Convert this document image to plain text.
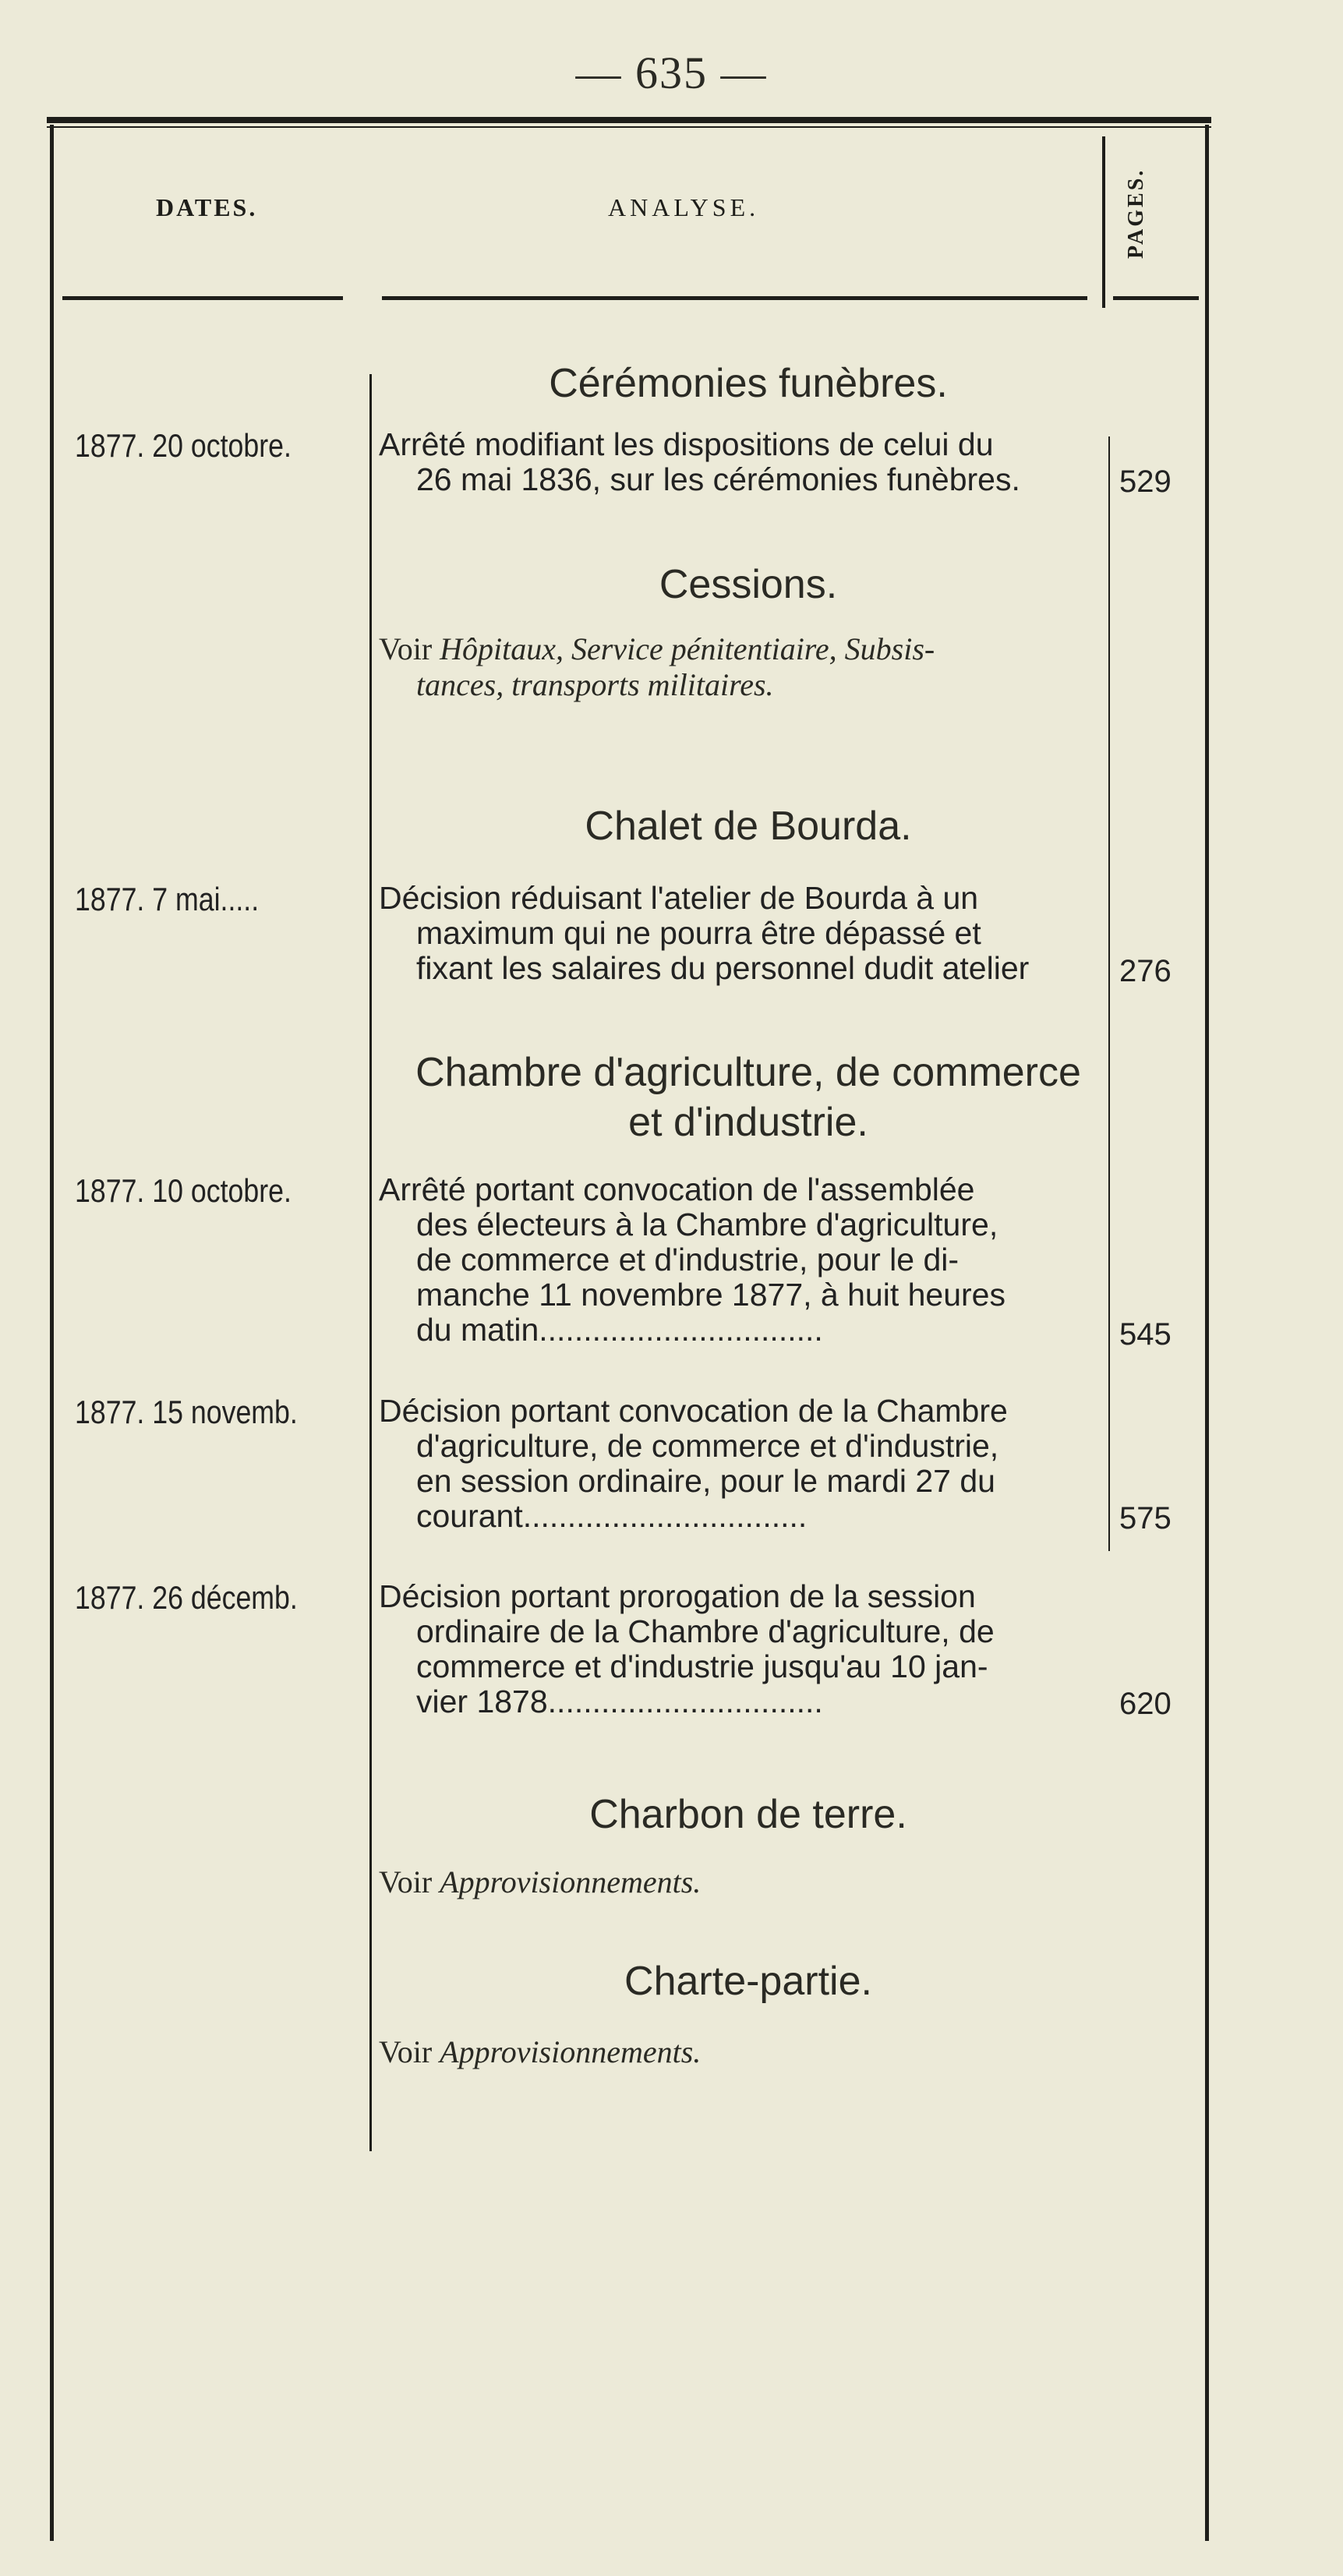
— 635 —
DATES.	ANALYSE.	PAGES.
Cérémonies funèbres.
1877. 20 octobre.	Arrêté modifiant les dispositions de celui du
26 mai 1836, sur les cérémonies funèbres.	529
Cessions.
Voir Hôpitaux, Service pénitentiaire, Subsis-
tances, transports militaires.
Chalet de Bourda.
1877. 7 mai.....	Décision réduisant l'atelier de Bourda à un
maximum qui ne pourra être dépassé et
fixant les salaires du personnel dudit atelier	276
Chambre d'agriculture, de commerce
et d'industrie.
1877. 10 octobre.	Arrêté portant convocation de l'assemblée
des électeurs à la Chambre d'agriculture,
de commerce et d'industrie, pour le di-
manche 11 novembre 1877, à huit heures
du matin................................	545
1877. 15 novemb.	Décision portant convocation de la Chambre
d'agriculture, de commerce et d'industrie,
en session ordinaire, pour le mardi 27 du
courant................................	575
1877. 26 décemb.	Décision portant prorogation de la session
ordinaire de la Chambre d'agriculture, de
commerce et d'industrie jusqu'au 10 jan-
vier 1878...............................	620
Charbon de terre.
Voir Approvisionnements.
Charte-partie.
Voir Approvisionnements.
